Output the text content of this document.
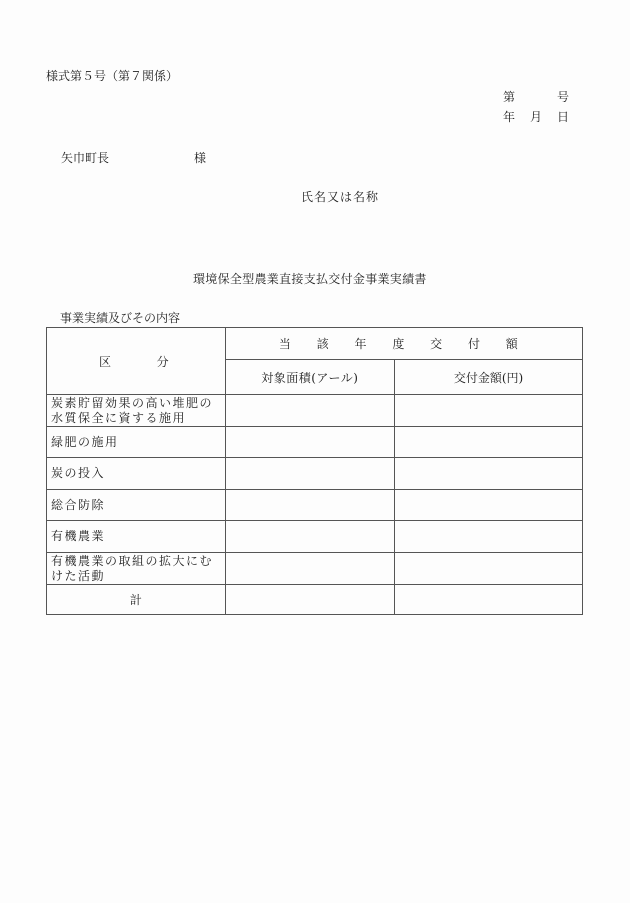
様式第５号（第７関係）
第	号
年 月 日
矢巾町長	様
氏名又は名称
環境保全型農業直接支払交付金事業実績書
事業実績及びその内容
区 分	当 該 年 度 交 付 額	
	対象面積(アール)	交付金額(円)
炭素貯留効果の高い堆肥の水質保全に資する施用		
緑肥の施用		
炭の投入		
総合防除		
有機農業		
有機農業の取組の拡大にむけた活動		
計		
